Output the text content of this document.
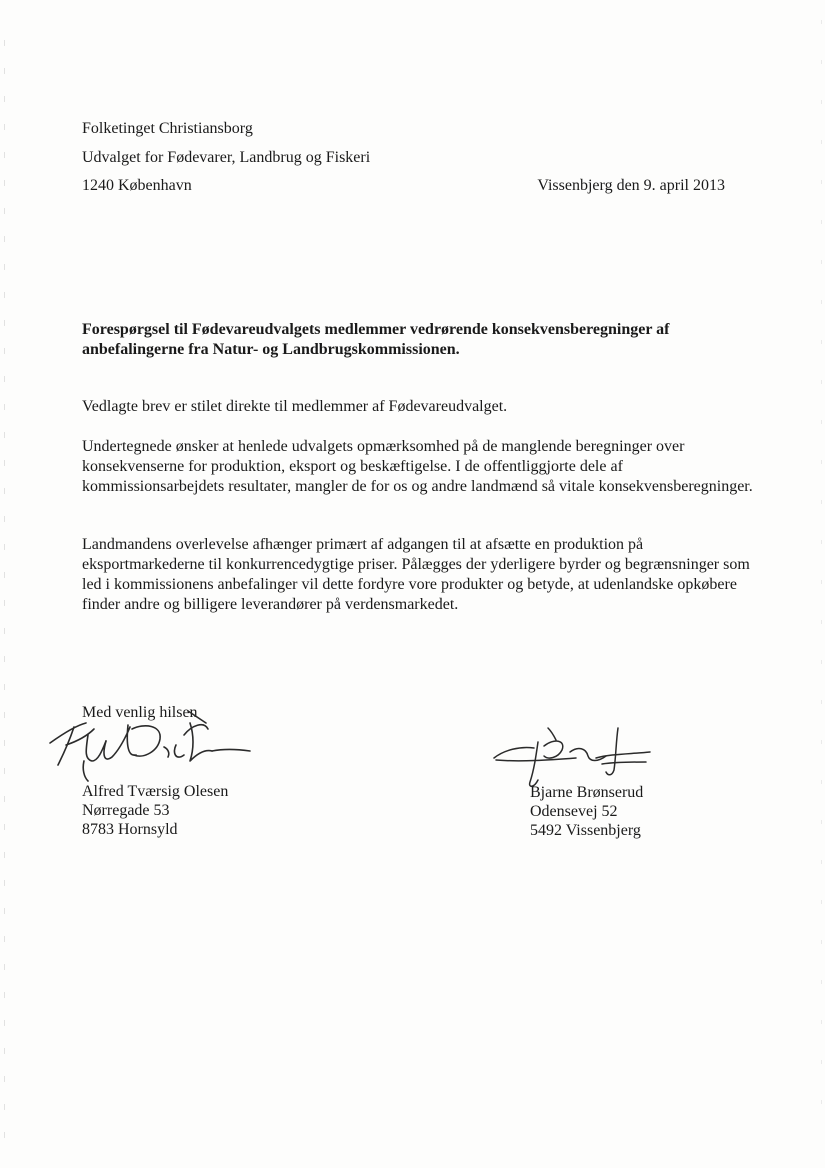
Folketinget Christiansborg
Udvalget for Fødevarer, Landbrug og Fiskeri
1240 København	Vissenbjerg den 9. april 2013
Forespørgsel til Fødevareudvalgets medlemmer vedrørende konsekvensberegninger af anbefalingerne fra Natur- og Landbrugskommissionen.
Vedlagte brev er stilet direkte til medlemmer af Fødevareudvalget.
Undertegnede ønsker at henlede udvalgets opmærksomhed på de manglende beregninger over konsekvenserne for produktion, eksport og beskæftigelse. I de offentliggjorte dele af kommissionsarbejdets resultater, mangler de for os og andre landmænd så vitale konsekvensberegninger.
Landmandens overlevelse afhænger primært af adgangen til at afsætte en produktion på eksportmarkederne til konkurrencedygtige priser. Pålægges der yderligere byrder og begrænsninger som led i kommissionens anbefalinger vil dette fordyre vore produkter og betyde, at udenlandske opkøbere finder andre og billigere leverandører på verdensmarkedet.
Med venlig hilsen
Alfred Tværsig Olesen
Nørregade 53
8783 Hornsyld
Bjarne Brønserud
Odensevej 52
5492 Vissenbjerg
